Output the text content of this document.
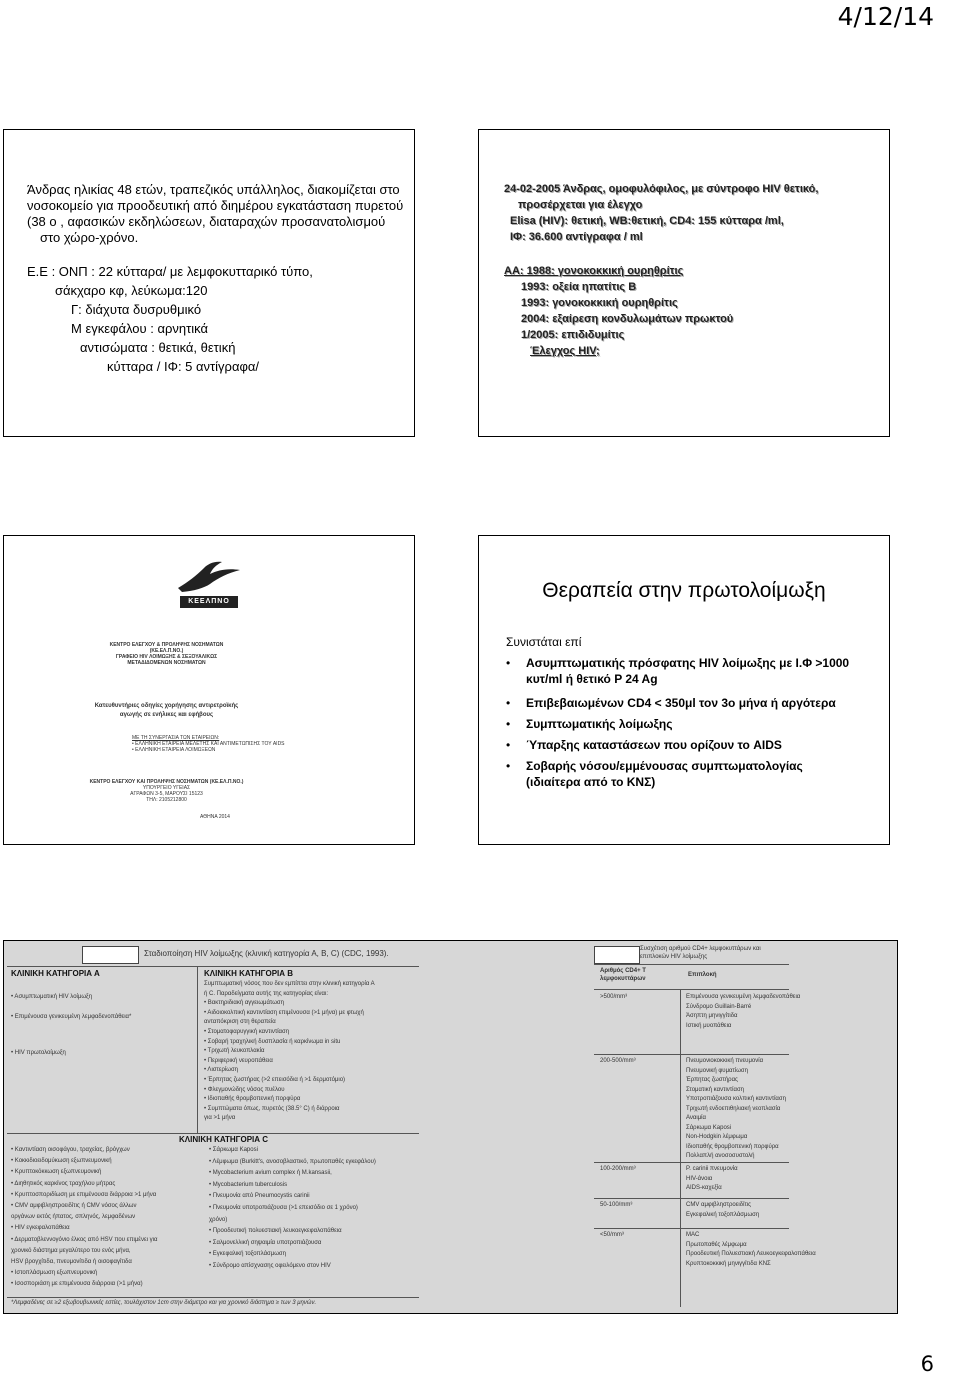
4/12/14
Άνδρας ηλικίας 48 ετών, τραπεζικός υπάλληλος, διακομίζεται στο
νοσοκομείο για προοδευτική από διημέρου εγκατάσταση πυρετού
(38 ο , αφασικών εκδηλώσεων, διαταραχών προσανατολισμού
στο χώρο-χρόνο.
Ε.Ε : ΟΝΠ : 22 κύτταρα/ με λεμφοκυτταρικό τύπο,
σάκχαρο κφ, λεύκωμα:120
Γ: διάχυτα δυσρυθμικό
Μ εγκεφάλου : αρνητικά
αντισώματα : θετικά, θετική
κύτταρα / ΙΦ: 5 αντίγραφα/
24-02-2005 Άνδρας, ομοφυλόφιλος, με σύντροφο HIV θετικό,
προσέρχεται για έλεγχο
Elisa (HIV): θετική, WB:θετική, CD4: 155 κύτταρα /ml,
ΙΦ: 36.600 αντίγραφα / ml
ΑΑ: 1988: γονοκοκκική ουρηθρίτις
1993: οξεία ηπατίτις Β
1993: γονοκοκκική ουρηθρίτις
2004: εξαίρεση κονδυλωμάτων πρωκτού
1/2005: επιδιδυμίτις
Έλεγχος HIV;
ΚΕΕΛΠΝΟ
ΚΕΝΤΡΟ ΕΛΕΓΧΟΥ & ΠΡΟΛΗΨΗΣ ΝΟΣΗΜΑΤΩΝ
(ΚΕ.ΕΛ.Π.ΝΟ.)
ΓΡΑΦΕΙΟ HIV ΛΟΙΜΩΞΗΣ & ΣΕΞΟΥΑΛΙΚΩΣ
ΜΕΤΑΔΙΔΟΜΕΝΩΝ ΝΟΣΗΜΑΤΩΝ
Κατευθυντήριες οδηγίες χορήγησης αντιρετροϊκής
αγωγής σε ενήλικες και εφήβους
ΜΕ ΤΗ ΣΥΝΕΡΓΑΣΙΑ ΤΩΝ ΕΤΑΙΡΕΙΩΝ:
• ΕΛΛΗΝΙΚΗ ΕΤΑΙΡΕΙΑ ΜΕΛΕΤΗΣ ΚΑΙ ΑΝΤΙΜΕΤΩΠΙΣΗΣ ΤΟΥ AIDS
• ΕΛΛΗΝΙΚΗ ΕΤΑΙΡΕΙΑ ΛΟΙΜΩΞΕΩΝ
ΚΕΝΤΡΟ ΕΛΕΓΧΟΥ ΚΑΙ ΠΡΟΛΗΨΗΣ ΝΟΣΗΜΑΤΩΝ (ΚΕ.ΕΛ.Π.ΝΟ.)
ΥΠΟΥΡΓΕΙΟ ΥΓΕΙΑΣ
ΑΓΡΑΦΩΝ 3-5, ΜΑΡΟΥΣΙ 15123
ΤΗΛ: 2105212800
ΑΘΗΝΑ 2014
Θεραπεία στην πρωτολοίμωξη
Συνιστάται επί
• Ασυμπτωματικής πρόσφατης HIV λοίμωξης με Ι.Φ >1000
κυτ/ml ή θετικό P 24 Ag
• Επιβεβαιωμένων CD4 < 350μl τον 3ο μήνα ή αργότερα
• Συμπτωματικής λοίμωξης
• Ύπαρξης καταστάσεων που ορίζουν το AIDS
• Σοβαρής νόσου/εμμένουσας συμπτωματολογίας
(ιδιαίτερα από το ΚΝΣ)
Σταδιοποίηση HIV λοίμωξης (κλινική κατηγορία Α, Β, C) (CDC, 1993).
ΚΛΙΝΙΚΗ ΚΑΤΗΓΟΡΙΑ Α
• Ασυμπτωματική HIV λοίμωξη
• Επιμένουσα γενικευμένη λεμφαδενοπάθεια*
• HIV πρωτολοίμωξη
ΚΛΙΝΙΚΗ ΚΑΤΗΓΟΡΙΑ Β
Συμπτωματική νόσος που δεν εμπίπτει στην κλινική κατηγορία Α
ή C. Παραδείγματα αυτής της κατηγορίας είναι:
• Βακτηριδιακή αγγειωμάτωση
• Αιδοιοκολπική καντιντίαση επιμένουσα (>1 μήνα) με φτωχή
ανταπόκριση στη θεραπεία
• Στοματοφαρυγγική καντιντίαση
• Σοβαρή τραχηλική δυσπλασία ή καρκίνωμα in situ
• Τριχωτή λευκοπλακία
• Περιφερική νευροπάθεια
• Λιστερίωση
• Έρπητας ζωστήρας (>2 επεισόδια ή >1 δερμοτόμιο)
• Φλεγμονώδης νόσος πυέλου
• Ιδιοπαθής θρομβοπενική πορφύρα
• Συμπτώματα όπως, πυρετός (38.5° C) ή διάρροια
για >1 μήνα
ΚΛΙΝΙΚΗ ΚΑΤΗΓΟΡΙΑ C
• Καντιντίαση οισοφάγου, τραχείας, βρόγχων
• Κοκκιδιοειδομύκωση εξωπνευμονική
• Κρυπτοκόκκωση εξωπνευμονική
• Διηθητικός καρκίνος τραχήλου μήτρας
• Κρυπτοσποριδίωση με επιμένουσα διάρροια >1 μήνα
• CMV αμφιβληστροειδίτις ή CMV νόσος άλλων
οργάνων εκτός ήπατος, σπληνός, λεμφαδένων
• HIV εγκεφαλοπάθεια
• Δερματοβλεννογόνιο έλκος από HSV που επιμένει για
χρονικό διάστημα μεγαλύτερο του ενός μήνα,
HSV βρογχίτιδα, πνευμονίτιδα ή οισοφαγίτιδα
• Ιστοπλάσμωση εξωπνευμονική
• Ισοσποριάση με επιμένουσα διάρροια (>1 μήνα)
• Σάρκωμα Kaposi
• Λέμφωμα (Burkitt's, ανοσοβλαστικό, πρωτοπαθές εγκεφάλου)
• Mycobacterium avium complex ή M.kansasii,
• Mycobacterium tuberculosis
• Πνευμονία από Pneumocystis carinii
• Πνευμονία υποτροπιάζουσα (>1 επεισόδιο σε 1 χρόνο)
χρόνο)
• Προοδευτική πολυεστιακή λευκοεγκεφαλοπάθεια
• Σαλμονελλική σηψαιμία υποτροπιάζουσα
• Εγκεφαλική τοξοπλάσμωση
• Σύνδρομο απίσχνασης οφειλόμενο στον HIV
*Λεμφαδένες σε ≥2 εξωβουβωνικές εστίες, τουλάχιστον 1cm στην διάμετρο και για χρονικό διάστημα ≥ των 3 μηνών.
Συσχέτιση αριθμού CD4+ λεμφοκυττάρων και
επιπλοκών HIV λοίμωξης
Αριθμός CD4+ Τ λεμφοκυττάρων
Επιπλοκή
>500/mm³	Επιμένουσα γενικευμένη λεμφαδενοπάθεια
Σύνδρομο Guillain-Barré
Άσηπτη μηνιγγίτιδα
Ιστική μυοπάθεια
200-500/mm³	Πνευμονιοκοκκική πνευμονία
Πνευμονική φυματίωση
Έρπητας ζωστήρας
Στοματική καντιντίαση
Υποτροπιάζουσα κολπική καντιντίαση
Τριχωτή ενδοεπιθηλιακή νεοπλασία
Αναιμία
Σάρκωμα Kaposi
Non-Hodgkin λέμφωμα
Ιδιοπαθής θρομβοπενική πορφύρα
Πολλαπλή ανοσοσυστολή
100-200/mm³	P. carinii πνευμονία
HIV-άνοια
AIDS-καχεξία
50-100/mm³	CMV αμφιβληστροειδίτις
Εγκεφαλική τοξοπλάσμωση
<50/mm³	MAC
Πρωτοπαθές λέμφωμα
Προοδευτική Πολυεστιακή Λευκοεγκεφαλοπάθεια
Κρυπτοκοκκική μηνιγγίτιδα ΚΝΣ
6
